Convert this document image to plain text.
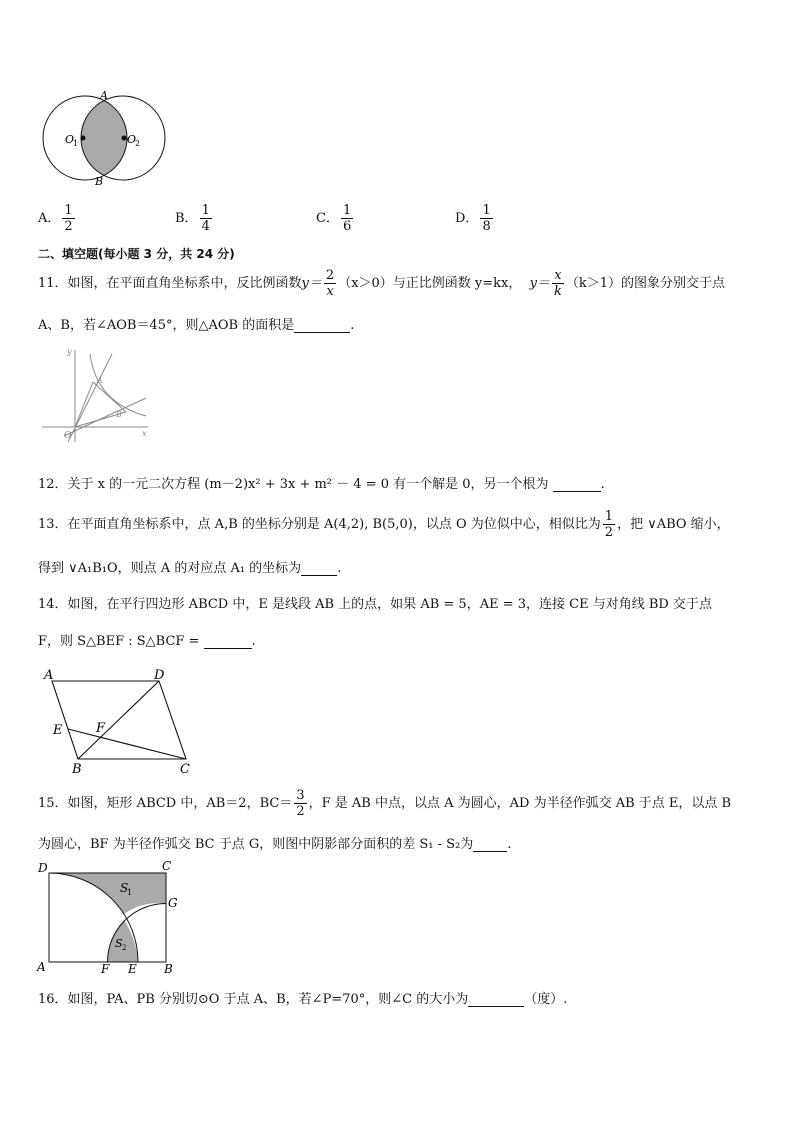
A
B
O
1	O
2
A． $\frac{1}{2}$	B． $\frac{1}{4}$	C． $\frac{1}{6}$	D． $\frac{1}{8}$
二、填空题(每小题 3 分，共 24 分)
11．如图，在平面直角坐标系中，反比例函数$y= \frac{2}{x} (x>0)$与正比例函数 y=kx， $y= \frac{x}{k} (k>1)$的图象分别交于点
A、B，若∠AOB＝45°，则△AOB 的面积是	.
y
x
O
A
B
12．关于 x 的一元二次方程 (m－2)x² + 3x + m² － 4 = 0 有一个解是 0，另一个根为	.
13．在平面直角坐标系中，点 A,B 的坐标分别是 A(4,2), B(5,0)，以点 O 为位似中心，相似比为 $\frac{1}{2}$ ，把 ∨ABO 缩小，
得到 ∨A₁B₁O，则点 A 的对应点 A₁ 的坐标为	.
14．如图，在平行四边形 ABCD 中，E 是线段 AB 上的点，如果 AB = 5，AE = 3，连接 CE 与对角线 BD 交于点
F，则 S△BEF : S△BCF =	.
A	D
E	F
B	C
15．如图，矩形 ABCD 中，AB＝2，$BC= \frac{3}{2}$ ，F 是 AB 中点，以点 A 为圆心，AD 为半径作弧交 AB 于点 E，以点 B
为圆心，BF 为半径作弧交 BC 于点 G，则图中阴影部分面积的差 S₁ - S₂为	.
D	C
G
S
1
S 2
A	F E B
16．如图，PA、PB 分别切⊙O 于点 A、B，若∠P=70°，则∠C 的大小为	（度）.
